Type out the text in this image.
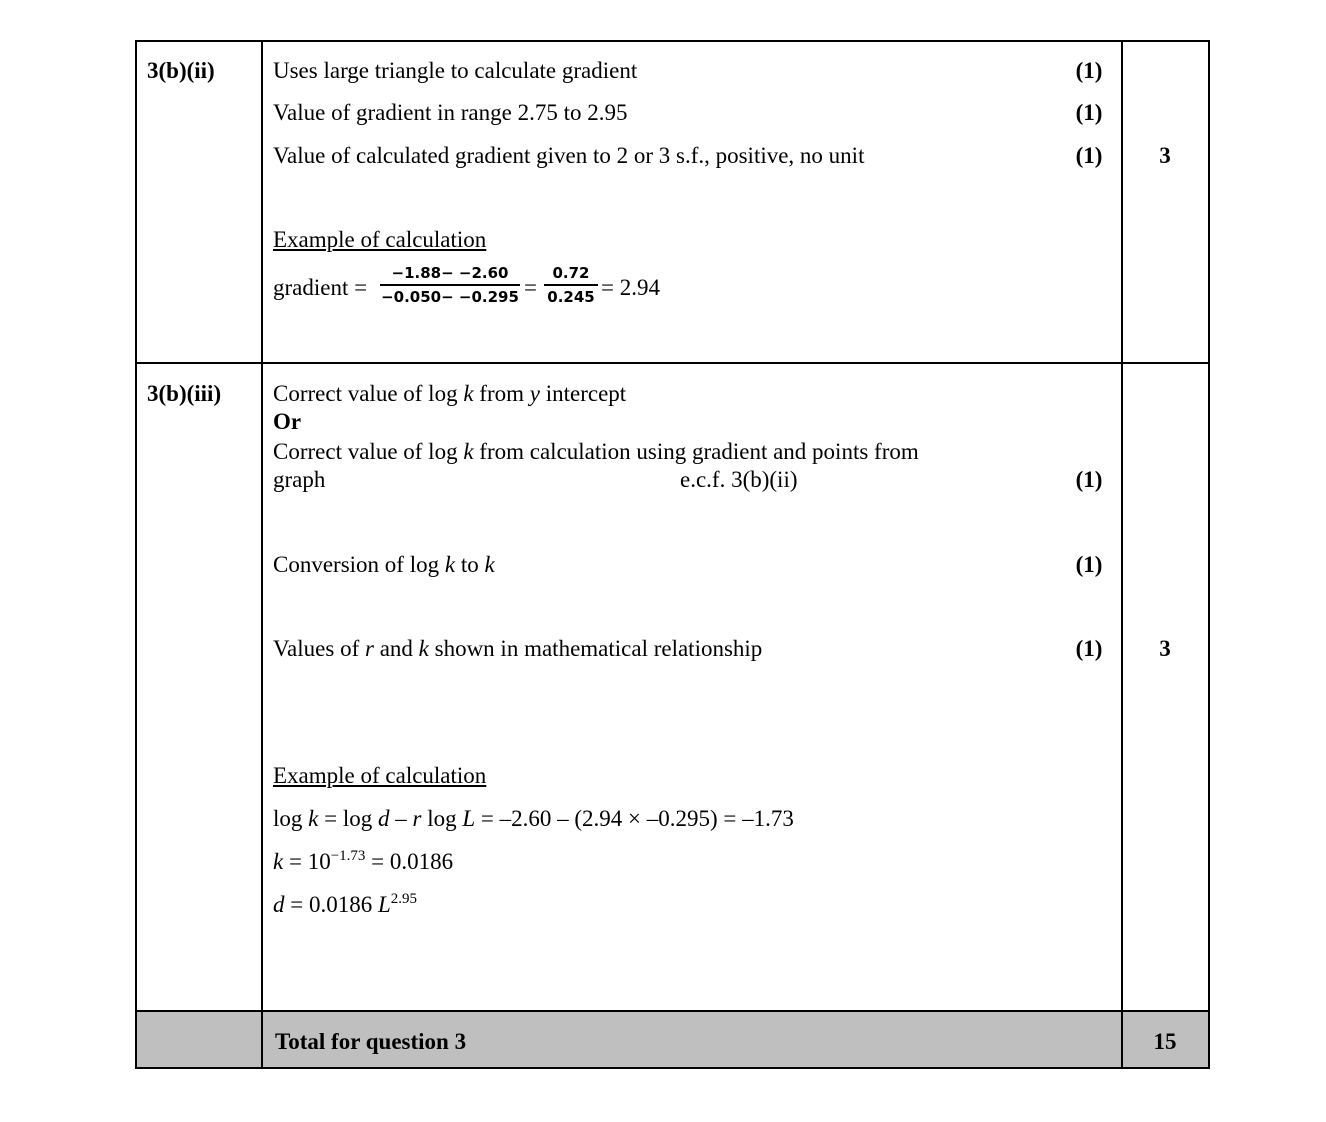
3(b)(ii)	Uses large triangle to calculate gradient	(1)
Value of gradient in range 2.75 to 2.95	(1)
Value of calculated gradient given to 2 or 3 s.f., positive, no unit	(1)	3
Example of calculation
gradient =
−1.88− −2.60
−0.050− −0.295 =
0.72
0.245 = 2.94
3(b)(iii) Correct value of log k from y intercept
Or
Correct value of log k from calculation using gradient and points from
graph	e.c.f. 3(b)(ii)	(1)
Conversion of log k to k	(1)
Values of r and k shown in mathematical relationship	(1)	3
Example of calculation
log k = log d – r log L = –2.60 – (2.94 × –0.295) = –1.73
$k = 10^{-1.73} = 0.0186$
d = 0.0186 $L^{2.95}$
Total for question 3	15
